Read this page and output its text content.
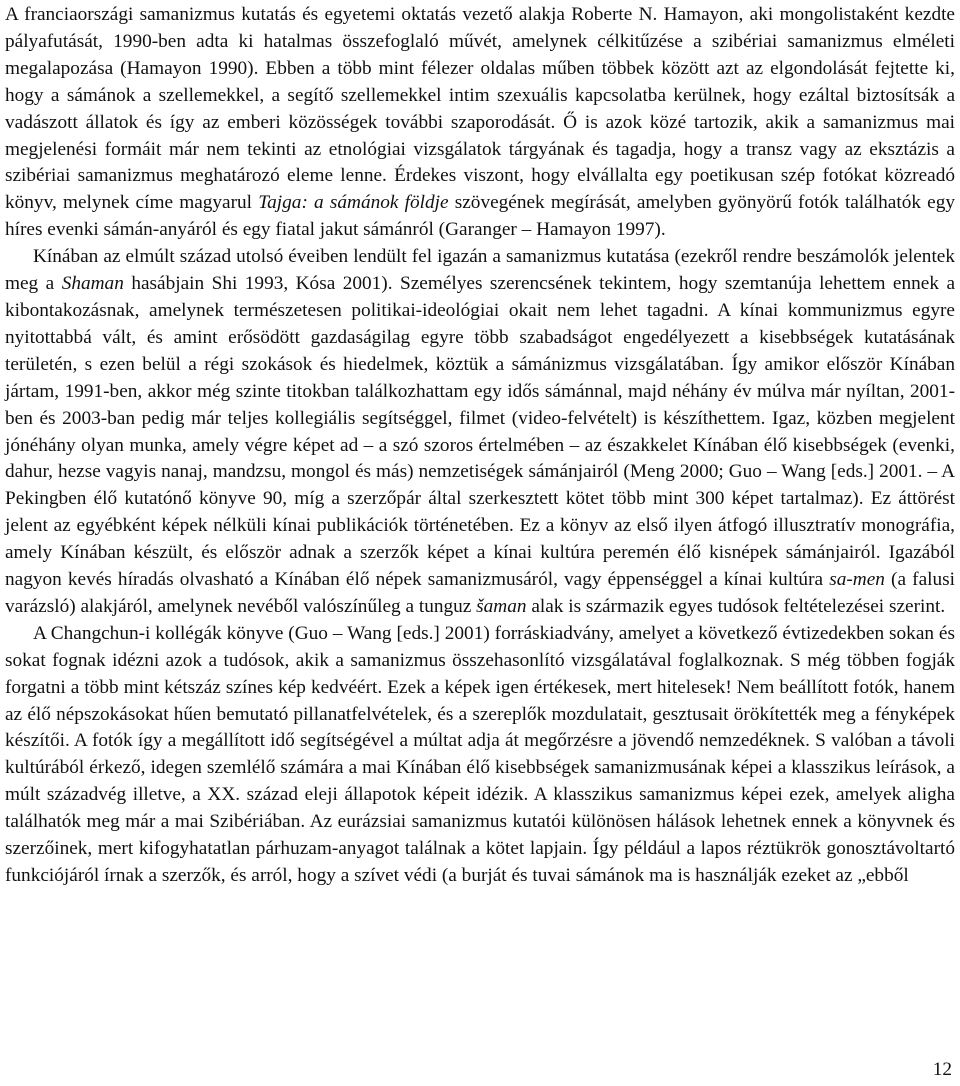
A franciaországi samanizmus kutatás és egyetemi oktatás vezető alakja Roberte N. Hamayon, aki mongolistaként kezdte pályafutását, 1990-ben adta ki hatalmas összefoglaló művét, amelynek célkitűzése a szibériai samanizmus elméleti megalapozása (Hamayon 1990). Ebben a több mint félezer oldalas műben többek között azt az elgondolását fejtette ki, hogy a sámánok a szellemekkel, a segítő szellemekkel intim szexuális kapcsolatba kerülnek, hogy ezáltal biztosítsák a vadászott állatok és így az emberi közösségek további szaporodását. Ő is azok közé tartozik, akik a samanizmus mai megjelenési formáit már nem tekinti az etnológiai vizsgálatok tárgyának és tagadja, hogy a transz vagy az eksztázis a szibériai samanizmus meghatározó eleme lenne. Érdekes viszont, hogy elvállalta egy poetikusan szép fotókat közreadó könyv, melynek címe magyarul Tajga: a sámánok földje szövegének megírását, amelyben gyönyörű fotók találhatók egy híres evenki sámán-anyáról és egy fiatal jakut sámánról (Garanger – Hamayon 1997).

Kínában az elmúlt század utolsó éveiben lendült fel igazán a samanizmus kutatása (ezekről rendre beszámolók jelentek meg a Shaman hasábjain Shi 1993, Kósa 2001). Személyes szerencsének tekintem, hogy szemtanúja lehettem ennek a kibontakozásnak, amelynek természetesen politikai-ideológiai okait nem lehet tagadni. A kínai kommunizmus egyre nyitottabbá vált, és amint erősödött gazdaságilag egyre több szabadságot engedélyezett a kisebbségek kutatásának területén, s ezen belül a régi szokások és hiedelmek, köztük a sámánizmus vizsgálatában. Így amikor először Kínában jártam, 1991-ben, akkor még szinte titokban találkozhattam egy idős sámánnal, majd néhány év múlva már nyíltan, 2001-ben és 2003-ban pedig már teljes kollegiális segítséggel, filmet (video-felvételt) is készíthettem. Igaz, közben megjelent jónéhány olyan munka, amely végre képet ad – a szó szoros értelmében – az északkelet Kínában élő kisebbségek (evenki, dahur, hezse vagyis nanaj, mandzsu, mongol és más) nemzetiségek sámánjairól (Meng 2000; Guo – Wang [eds.] 2001. – A Pekingben élő kutatónő könyve 90, míg a szerzőpár által szerkesztett kötet több mint 300 képet tartalmaz). Ez áttörést jelent az egyébként képek nélküli kínai publikációk történetében. Ez a könyv az első ilyen átfogó illusztratív monográfia, amely Kínában készült, és először adnak a szerzők képet a kínai kultúra peremén élő kisnépek sámánjairól. Igazából nagyon kevés híradás olvasható a Kínában élő népek samanizmusáról, vagy éppenséggel a kínai kultúra sa-men (a falusi varázsló) alakjáról, amelynek nevéből valószínűleg a tunguz šaman alak is származik egyes tudósok feltételezései szerint.

A Changchun-i kollégák könyve (Guo – Wang [eds.] 2001) forráskiadvány, amelyet a következő évtizedekben sokan és sokat fognak idézni azok a tudósok, akik a samanizmus összehasonlító vizsgálatával foglalkoznak. S még többen fogják forgatni a több mint kétszáz színes kép kedvéért. Ezek a képek igen értékesek, mert hitelesek! Nem beállított fotók, hanem az élő népszokásokat hűen bemutató pillanatfelvételek, és a szereplők mozdulatait, gesztusait örökítették meg a fényképek készítői. A fotók így a megállított idő segítségével a múltat adja át megőrzésre a jövendő nemzedéknek. S valóban a távoli kultúrából érkező, idegen szemlélő számára a mai Kínában élő kisebbségek samanizmusának képei a klasszikus leírások, a múlt századvég illetve, a XX. század eleji állapotok képeit idézik. A klasszikus samanizmus képei ezek, amelyek aligha találhatók meg már a mai Szibériában. Az eurázsiai samanizmus kutatói különösen hálások lehetnek ennek a könyvnek és szerzőinek, mert kifogyhatatlan párhuzam-anyagot találnak a kötet lapjain. Így például a lapos réztükrök gonosztávoltartó funkciójáról írnak a szerzők, és arról, hogy a szívet védi (a burját és tuvai sámánok ma is használják ezeket az „ebből

12
